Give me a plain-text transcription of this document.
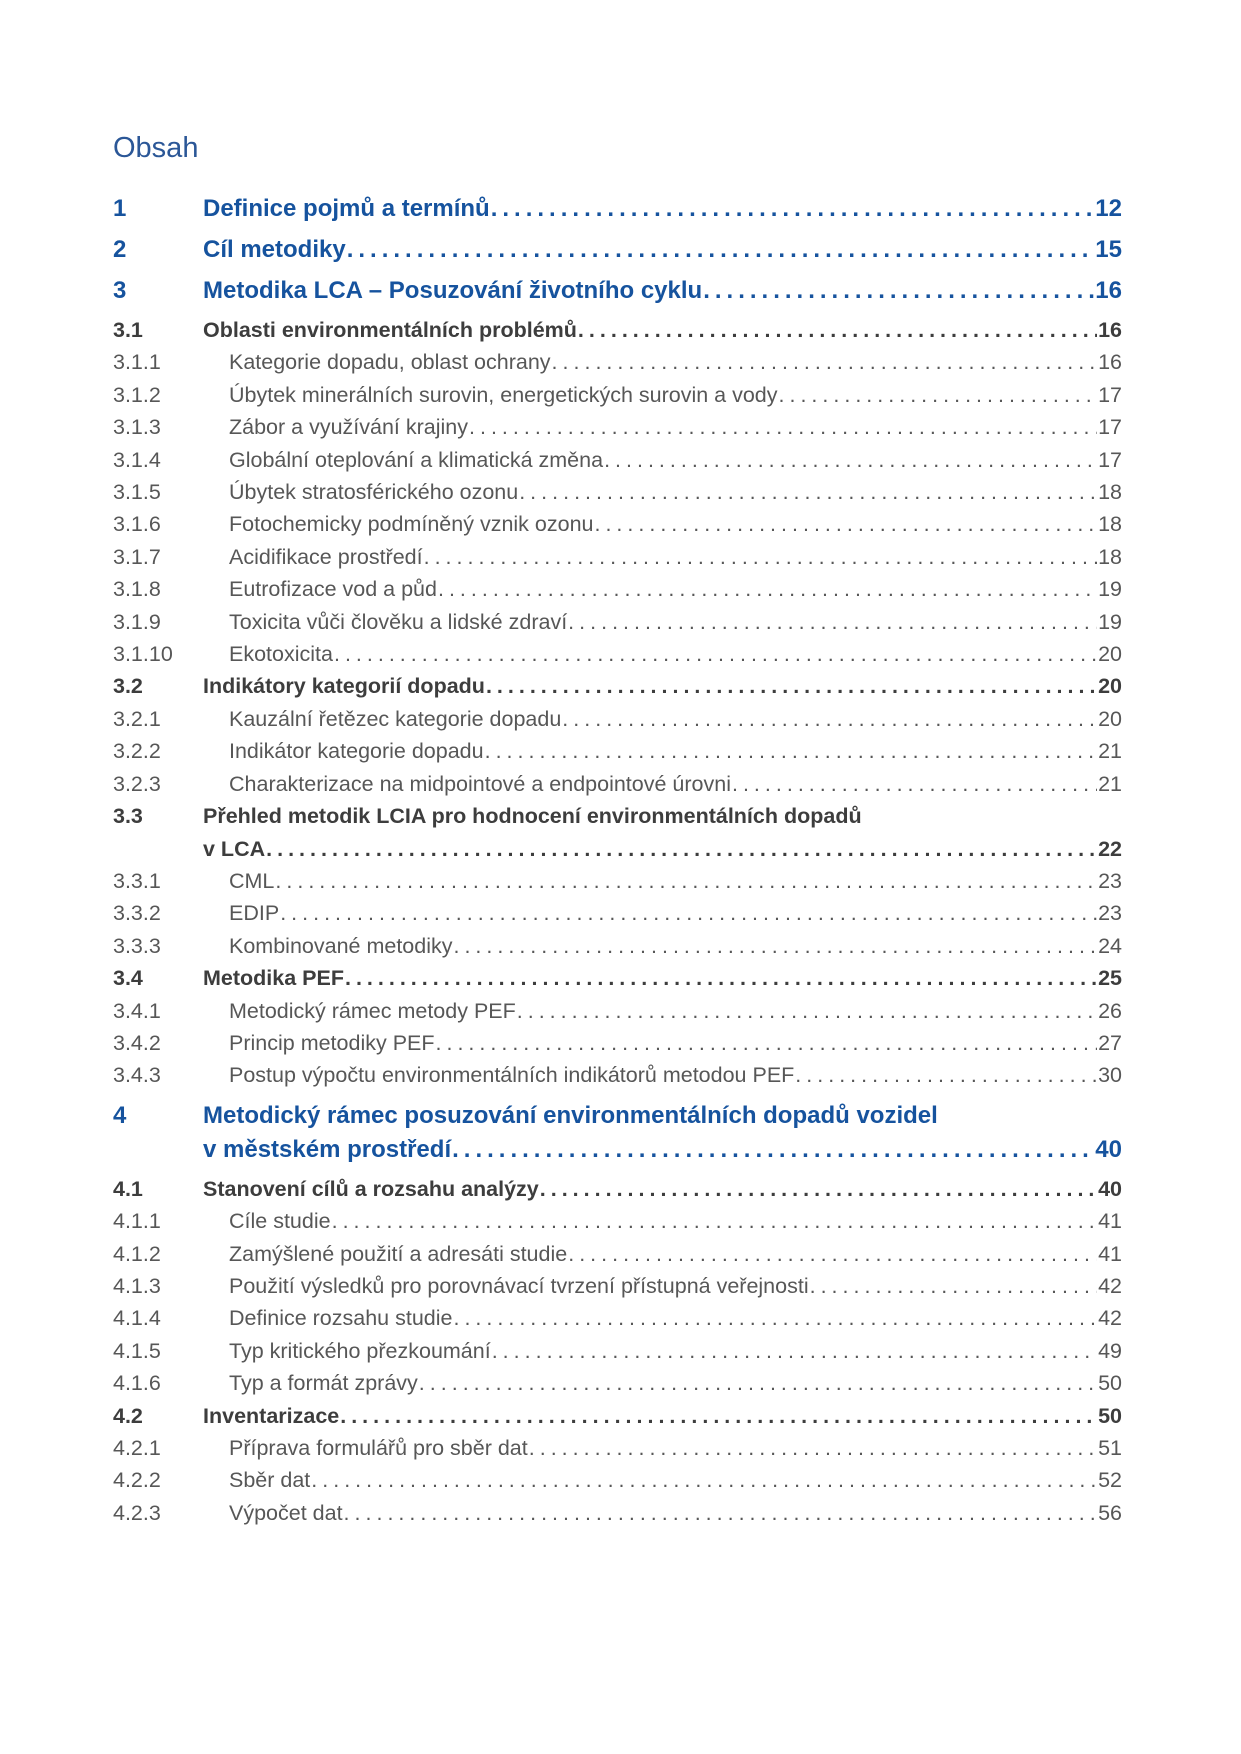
Obsah
1	Definice pojmů a termínů .....	12
2	Cíl metodiky .....	15
3	Metodika LCA – Posuzování životního cyklu .....	16
3.1	Oblasti environmentálních problémů .....	16
3.1.1	Kategorie dopadu, oblast ochrany .....	16
3.1.2	Úbytek minerálních surovin, energetických surovin a vody .....	17
3.1.3	Zábor a využívání krajiny .....	17
3.1.4	Globální oteplování a klimatická změna .....	17
3.1.5	Úbytek stratosférického ozonu .....	18
3.1.6	Fotochemicky podmíněný vznik ozonu .....	18
3.1.7	Acidifikace prostředí .....	18
3.1.8	Eutrofizace vod a půd .....	19
3.1.9	Toxicita vůči člověku a lidské zdraví .....	19
3.1.10	Ekotoxicita .....	20
3.2	Indikátory kategorií dopadu .....	20
3.2.1	Kauzální řetězec kategorie dopadu .....	20
3.2.2	Indikátor kategorie dopadu .....	21
3.2.3	Charakterizace na midpointové a endpointové úrovni .....	21
3.3	Přehled metodik LCIA pro hodnocení environmentálních dopadů
v LCA .....	22
3.3.1	CML .....	23
3.3.2	EDIP .....	23
3.3.3	Kombinované metodiky .....	24
3.4	Metodika PEF .....	25
3.4.1	Metodický rámec metody PEF .....	26
3.4.2	Princip metodiky PEF .....	27
3.4.3	Postup výpočtu environmentálních indikátorů metodou PEF .....	30
4	Metodický rámec posuzování environmentálních dopadů vozidel
v městském prostředí .....	40
4.1	Stanovení cílů a rozsahu analýzy .....	40
4.1.1	Cíle studie .....	41
4.1.2	Zamýšlené použití a adresáti studie .....	41
4.1.3	Použití výsledků pro porovnávací tvrzení přístupná veřejnosti .....	42
4.1.4	Definice rozsahu studie .....	42
4.1.5	Typ kritického přezkoumání .....	49
4.1.6	Typ a formát zprávy .....	50
4.2	Inventarizace .....	50
4.2.1	Příprava formulářů pro sběr dat .....	51
4.2.2	Sběr dat .....	52
4.2.3	Výpočet dat .....	56
